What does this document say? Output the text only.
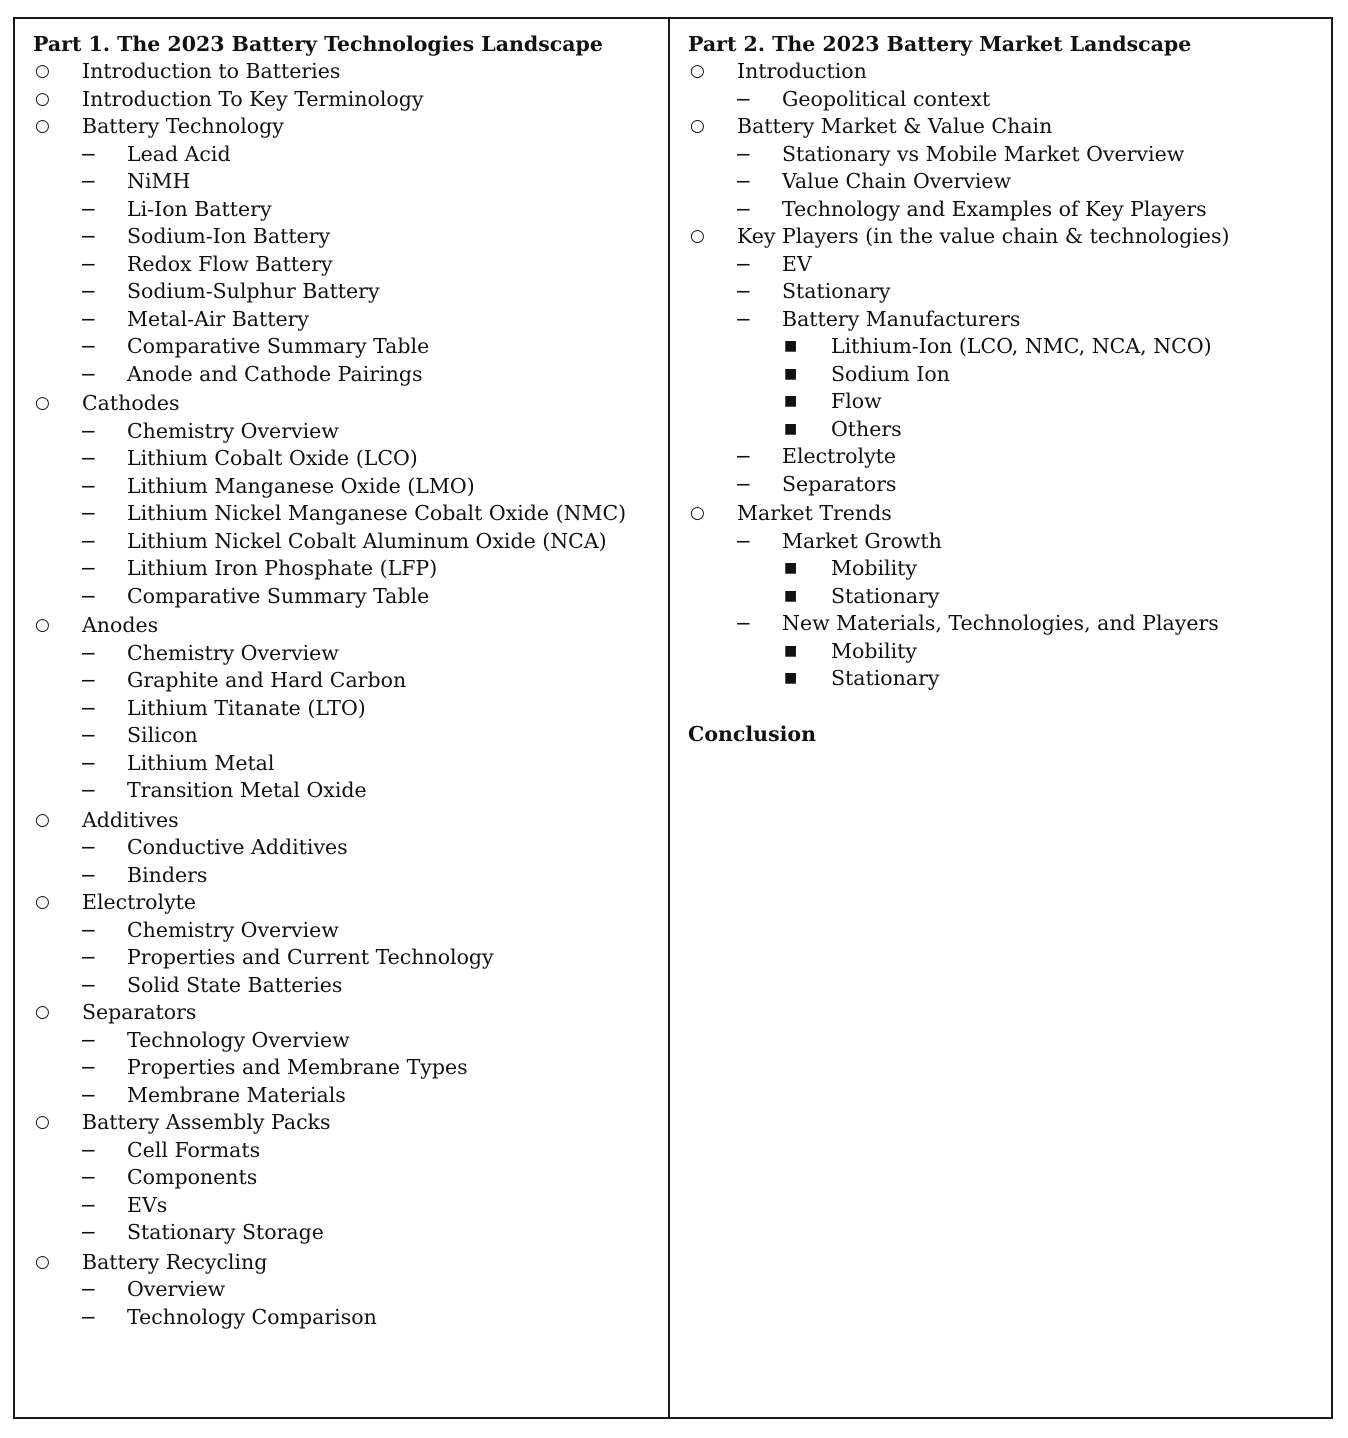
Part 1. The 2023 Battery Technologies Landscape
○	Introduction to Batteries
○	Introduction To Key Terminology
○	Battery Technology
−	Lead Acid
−	NiMH
−	Li-Ion Battery
−	Sodium-Ion Battery
−	Redox Flow Battery
−	Sodium-Sulphur Battery
−	Metal-Air Battery
−	Comparative Summary Table
−	Anode and Cathode Pairings
○	Cathodes
−	Chemistry Overview
−	Lithium Cobalt Oxide (LCO)
−	Lithium Manganese Oxide (LMO)
−	Lithium Nickel Manganese Cobalt Oxide (NMC)
−	Lithium Nickel Cobalt Aluminum Oxide (NCA)
−	Lithium Iron Phosphate (LFP)
−	Comparative Summary Table
○	Anodes
−	Chemistry Overview
−	Graphite and Hard Carbon
−	Lithium Titanate (LTO)
−	Silicon
−	Lithium Metal
−	Transition Metal Oxide
○	Additives
−	Conductive Additives
−	Binders
○	Electrolyte
−	Chemistry Overview
−	Properties and Current Technology
−	Solid State Batteries
○	Separators
−	Technology Overview
−	Properties and Membrane Types
−	Membrane Materials
○	Battery Assembly Packs
−	Cell Formats
−	Components
−	EVs
−	Stationary Storage
○	Battery Recycling
−	Overview
−	Technology Comparison
Part 2. The 2023 Battery Market Landscape
○	Introduction
−	Geopolitical context
○	Battery Market & Value Chain
−	Stationary vs Mobile Market Overview
−	Value Chain Overview
−	Technology and Examples of Key Players
○	Key Players (in the value chain & technologies)
−	EV
−	Stationary
−	Battery Manufacturers
■	Lithium-Ion (LCO, NMC, NCA, NCO)
■	Sodium Ion
■	Flow
■	Others
−	Electrolyte
−	Separators
○	Market Trends
−	Market Growth
■	Mobility
■	Stationary
−	New Materials, Technologies, and Players
■	Mobility
■	Stationary
Conclusion
